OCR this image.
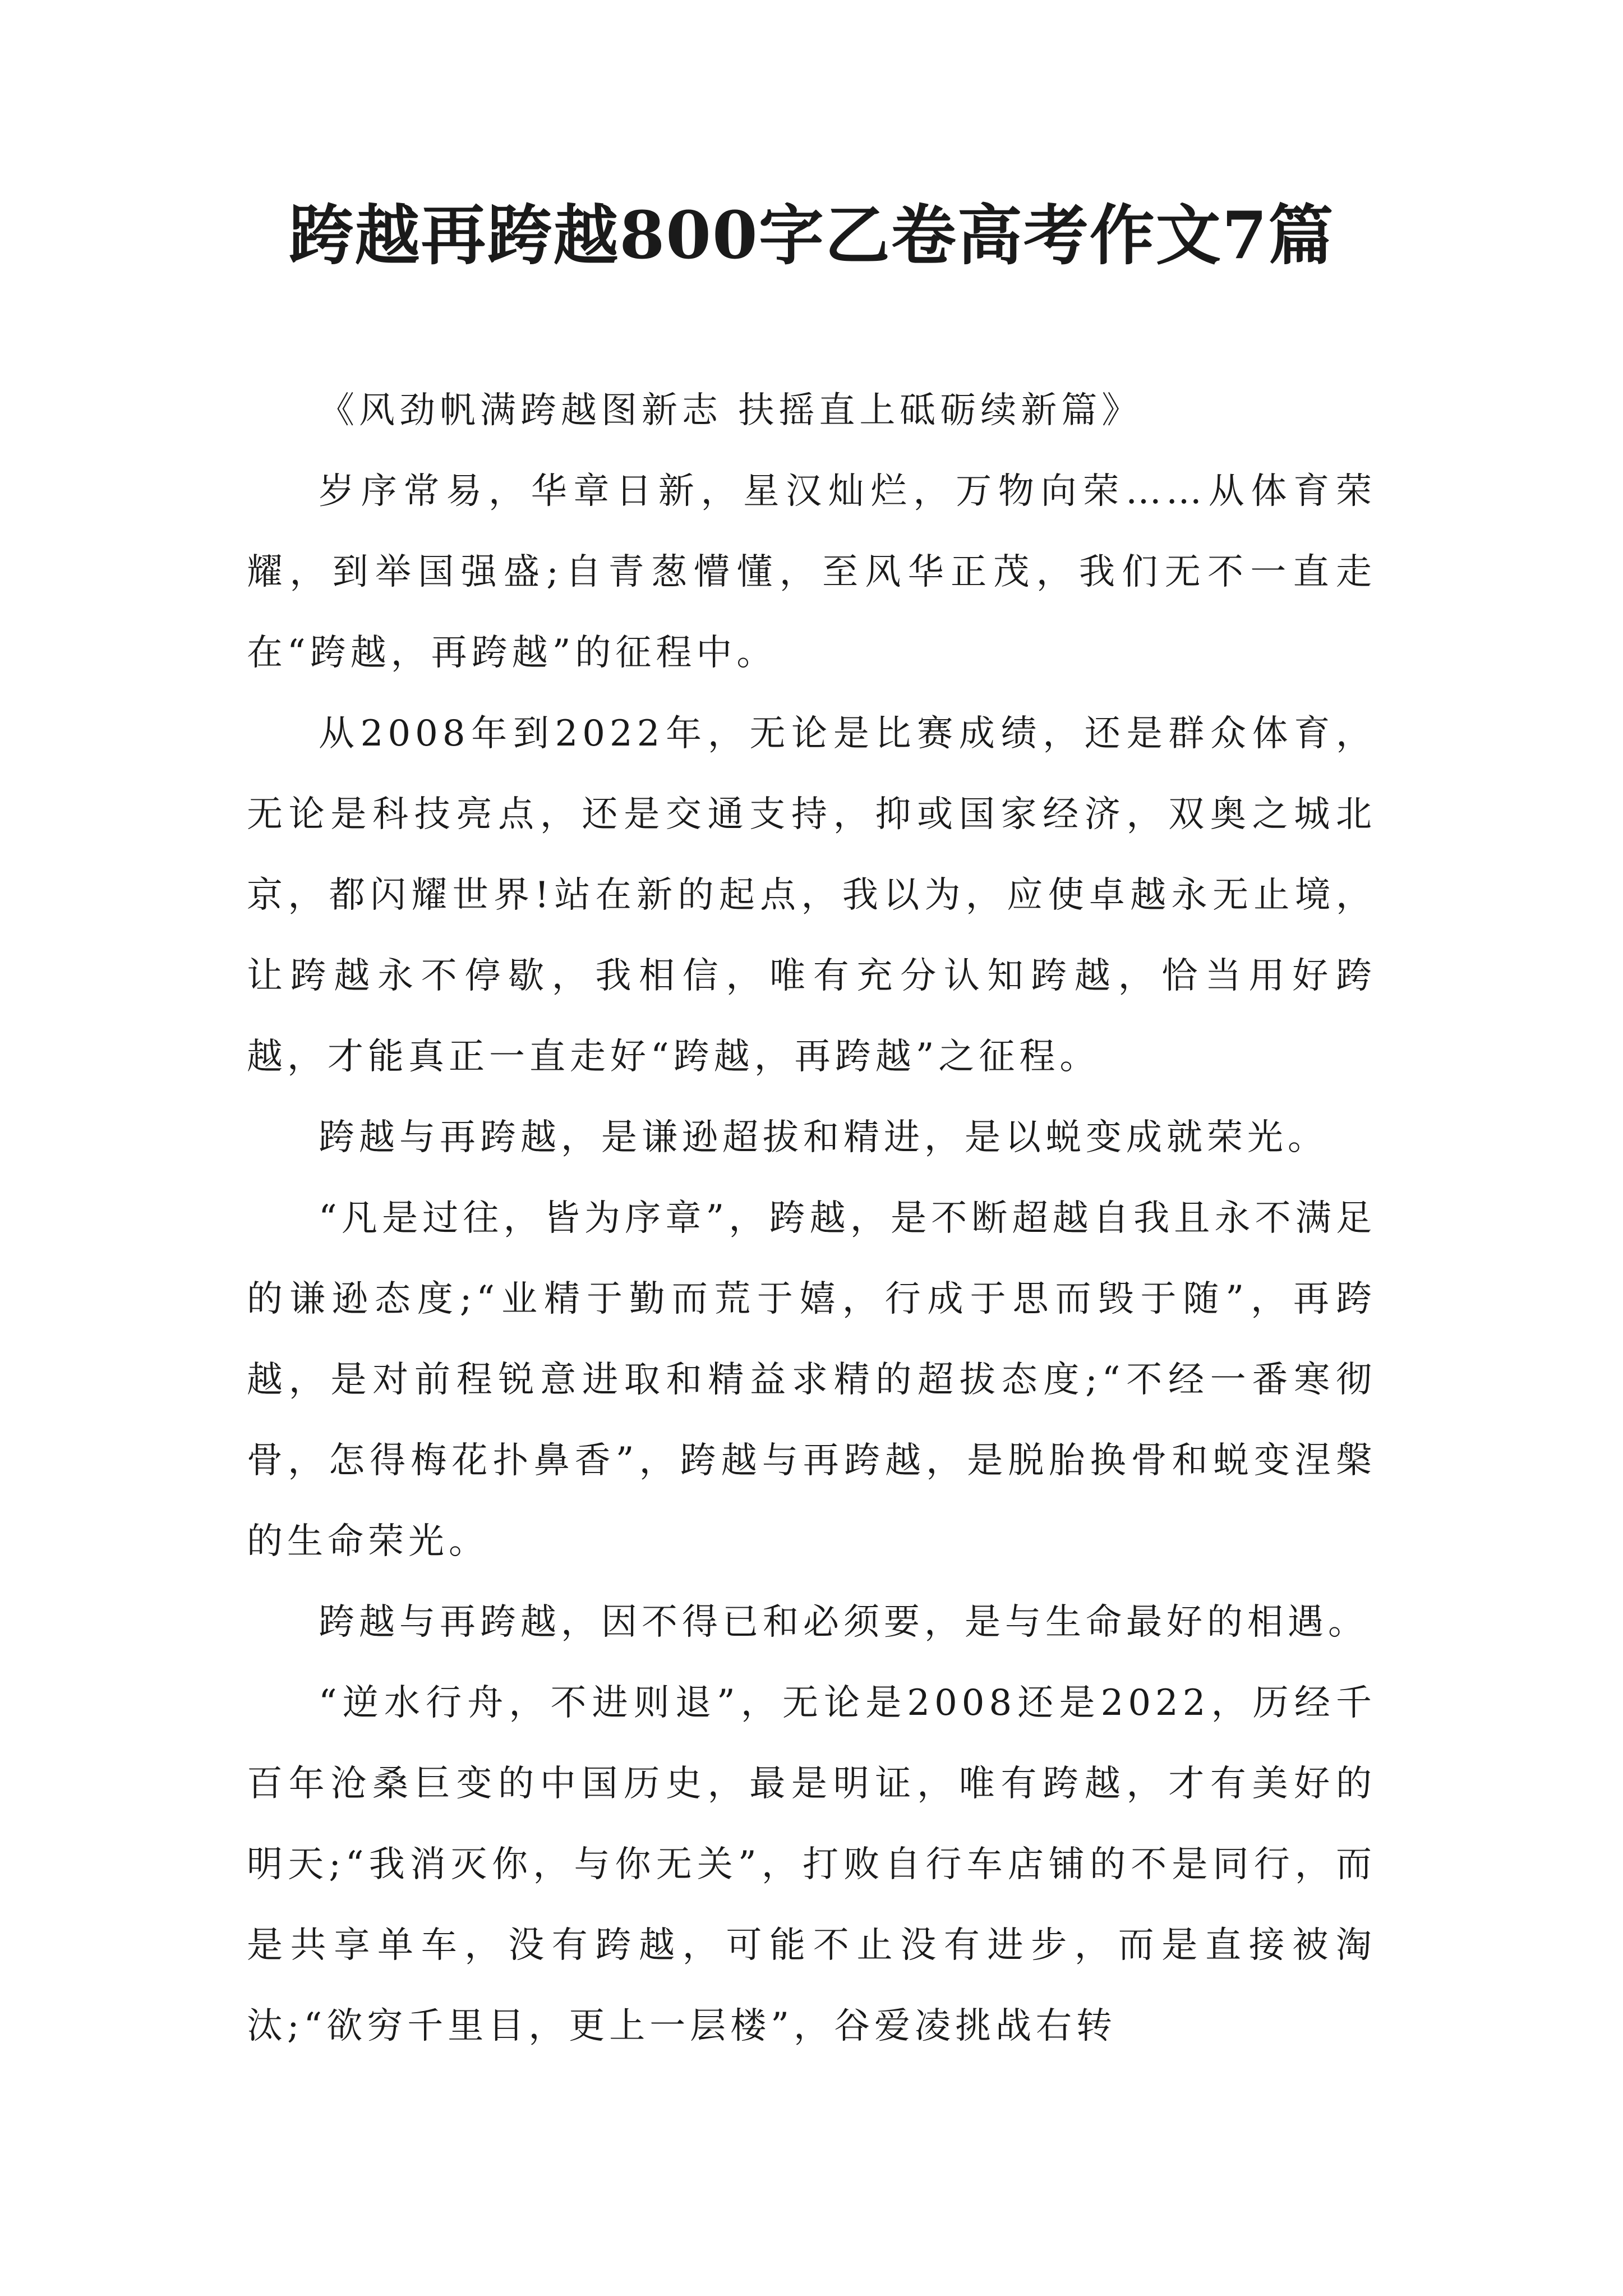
跨越再跨越800字乙卷高考作文7篇

《风劲帆满跨越图新志 扶摇直上砥砺续新篇》

岁序常易，华章日新，星汉灿烂，万物向荣……从体育荣耀，到举国强盛;自青葱懵懂，至风华正茂，我们无不一直走在“跨越，再跨越”的征程中。

从2008年到2022年，无论是比赛成绩，还是群众体育，无论是科技亮点，还是交通支持，抑或国家经济，双奥之城北京，都闪耀世界!站在新的起点，我以为，应使卓越永无止境，让跨越永不停歇，我相信，唯有充分认知跨越，恰当用好跨越，才能真正一直走好“跨越，再跨越”之征程。

跨越与再跨越，是谦逊超拔和精进，是以蜕变成就荣光。

“凡是过往，皆为序章”，跨越，是不断超越自我且永不满足的谦逊态度;“业精于勤而荒于嬉，行成于思而毁于随”，再跨越，是对前程锐意进取和精益求精的超拔态度;“不经一番寒彻骨，怎得梅花扑鼻香”，跨越与再跨越，是脱胎换骨和蜕变涅槃的生命荣光。

跨越与再跨越，因不得已和必须要，是与生命最好的相遇。

“逆水行舟，不进则退”，无论是2008还是2022，历经千百年沧桑巨变的中国历史，最是明证，唯有跨越，才有美好的明天;“我消灭你，与你无关”，打败自行车店铺的不是同行，而是共享单车，没有跨越，可能不止没有进步，而是直接被淘汰;“欲穷千里目，更上一层楼”，谷爱凌挑战右转
